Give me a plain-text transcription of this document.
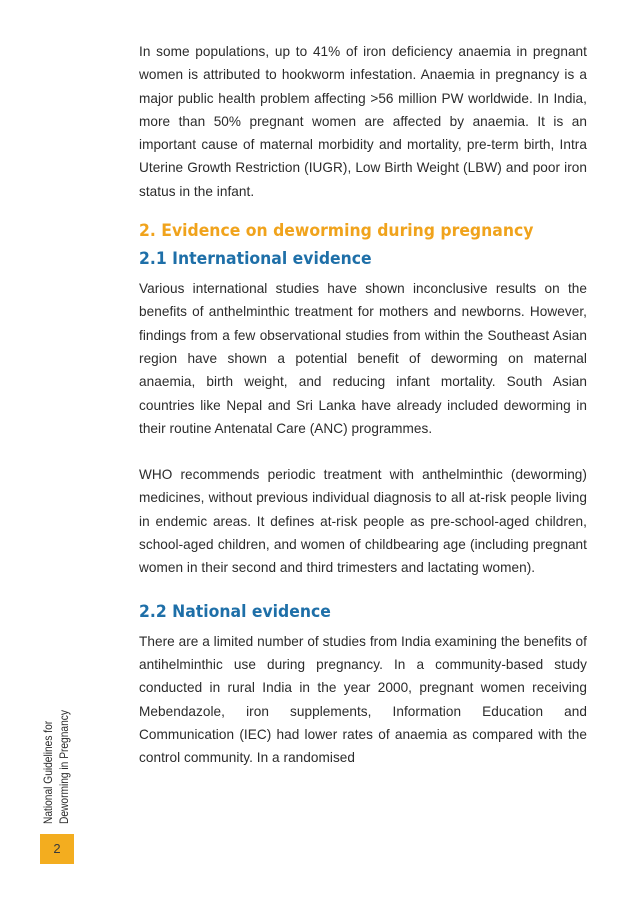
In some populations, up to 41% of iron deficiency anaemia in pregnant women is attributed to hookworm infestation. Anaemia in pregnancy is a major public health problem affecting >56 million PW worldwide. In India, more than 50% pregnant women are affected by anaemia. It is an important cause of maternal morbidity and mortality, pre-term birth, Intra Uterine Growth Restriction (IUGR), Low Birth Weight (LBW) and poor iron status in the infant.

2. Evidence on deworming during pregnancy
2.1 International evidence

Various international studies have shown inconclusive results on the benefits of anthelminthic treatment for mothers and newborns. However, findings from a few observational studies from within the Southeast Asian region have shown a potential benefit of deworming on maternal anaemia, birth weight, and reducing infant mortality. South Asian countries like Nepal and Sri Lanka have already included deworming in their routine Antenatal Care (ANC) programmes.

WHO recommends periodic treatment with anthelminthic (deworming) medicines, without previous individual diagnosis to all at-risk people living in endemic areas. It defines at-risk people as pre-school-aged children, school-aged children, and women of childbearing age (including pregnant women in their second and third trimesters and lactating women).

2.2 National evidence

There are a limited number of studies from India examining the benefits of antihelminthic use during pregnancy. In a community-based study conducted in rural India in the year 2000, pregnant women receiving Mebendazole, iron supplements, Information Education and Communication (IEC) had lower rates of anaemia as compared with the control community. In a randomised

National Guidelines for Deworming in Pregnancy
2
